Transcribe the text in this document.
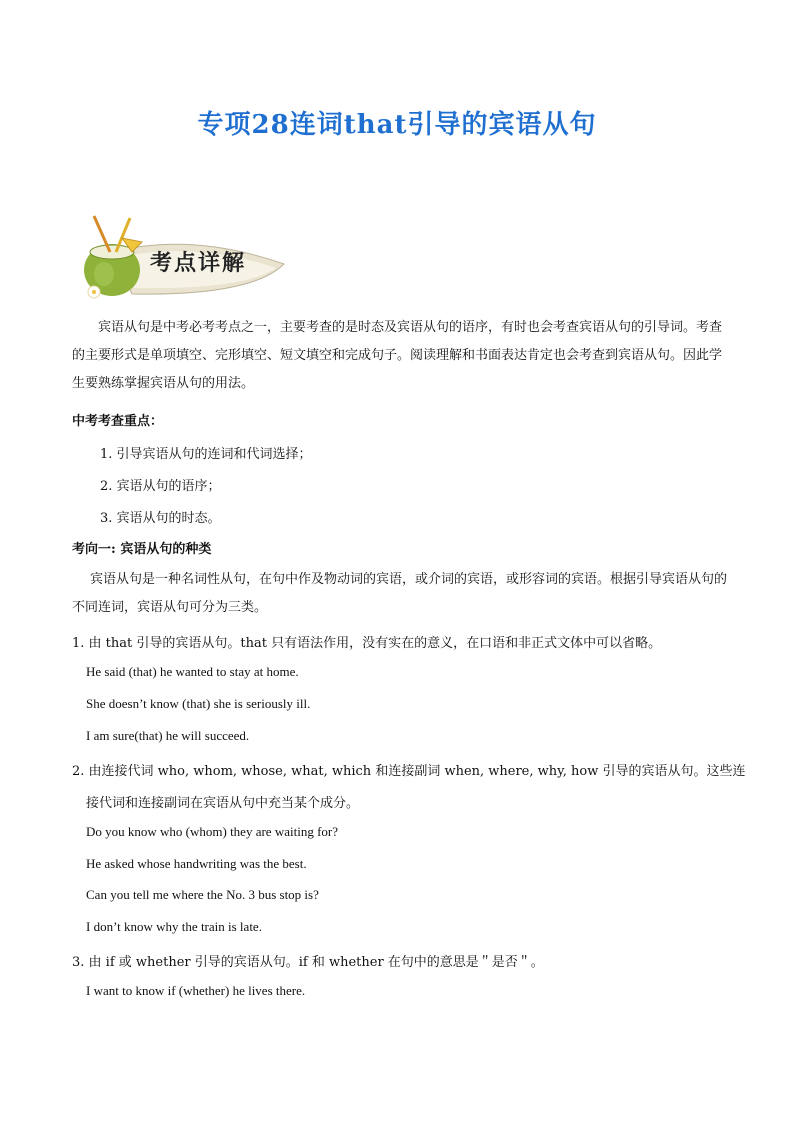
专项28连词that引导的宾语从句
考点详解
宾语从句是中考必考考点之一，主要考查的是时态及宾语从句的语序，有时也会考查宾语从句的引导词。考查的主要形式是单项填空、完形填空、短文填空和完成句子。阅读理解和书面表达肯定也会考查到宾语从句。因此学生要熟练掌握宾语从句的用法。
中考考查重点：
1. 引导宾语从句的连词和代词选择；
2. 宾语从句的语序；
3. 宾语从句的时态。
考向一: 宾语从句的种类
宾语从句是一种名词性从句，在句中作及物动词的宾语，或介词的宾语，或形容词的宾语。根据引导宾语从句的不同连词，宾语从句可分为三类。
1. 由 that 引导的宾语从句。that 只有语法作用，没有实在的意义，在口语和非正式文体中可以省略。
He said (that) he wanted to stay at home.
She doesn’t know (that) she is seriously ill.
I am sure(that) he will succeed.
2. 由连接代词 who, whom, whose, what, which 和连接副词 when, where, why, how 引导的宾语从句。这些连
接代词和连接副词在宾语从句中充当某个成分。
Do you know who (whom) they are waiting for?
He asked whose handwriting was the best.
Can you tell me where the No. 3 bus stop is?
I don’t know why the train is late.
3. 由 if 或 whether 引导的宾语从句。if 和 whether 在句中的意思是＂是否＂。
I want to know if (whether) he lives there.
